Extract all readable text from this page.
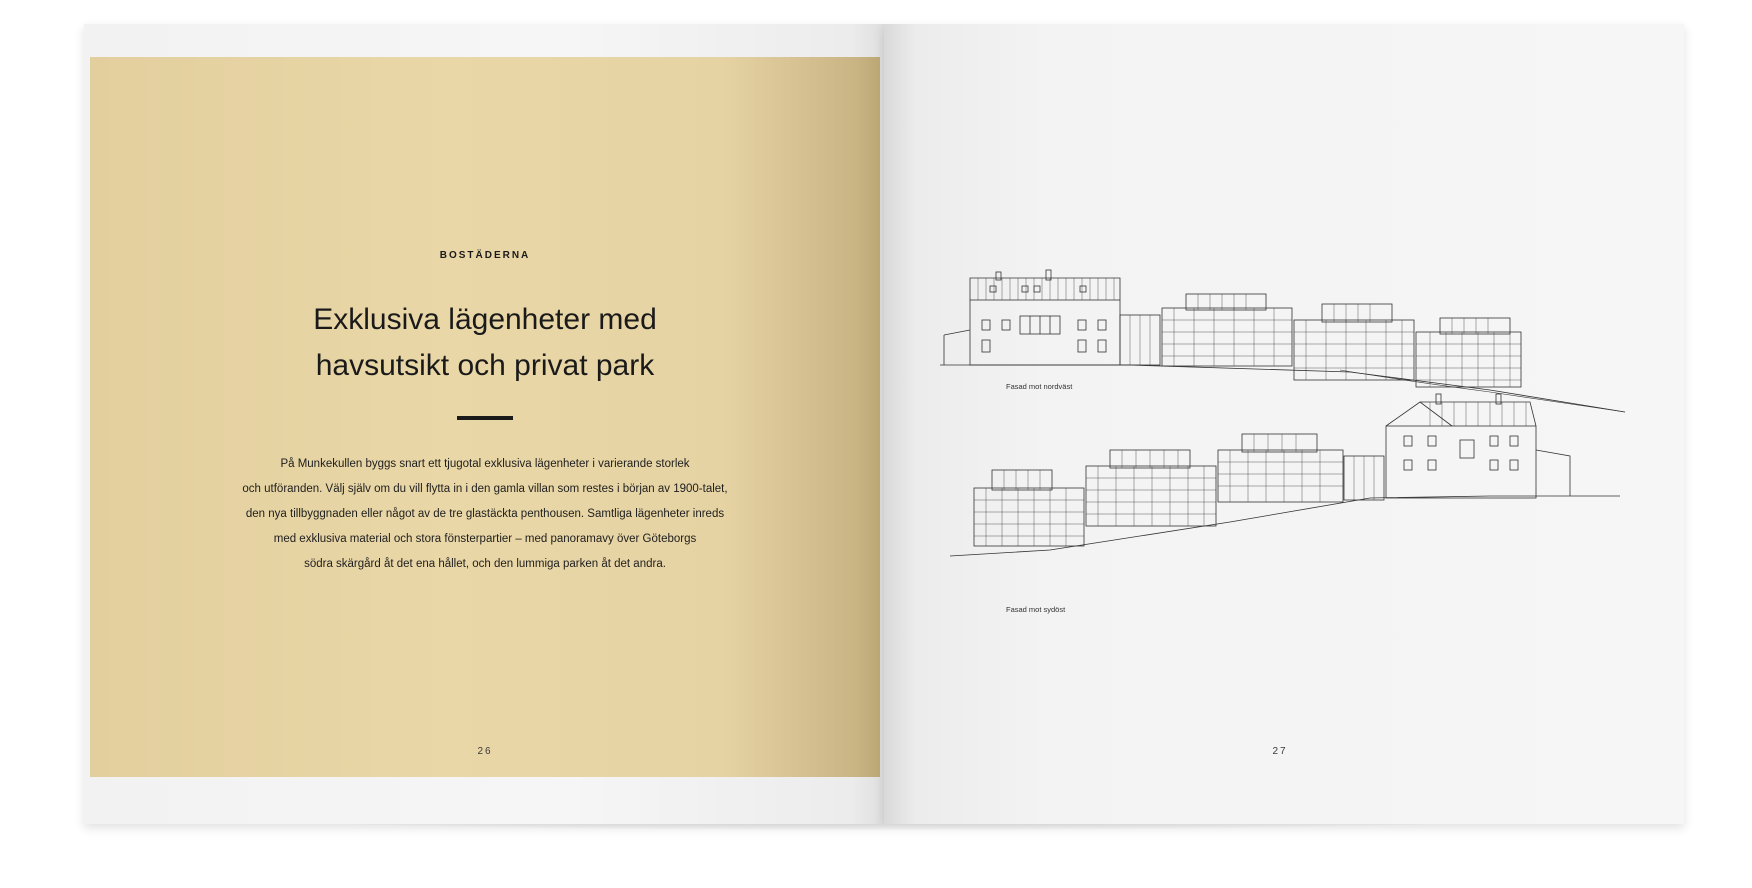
BOSTÄDERNA
Exklusiva lägenheter med
havsutsikt och privat park
På Munkekullen byggs snart ett tjugotal exklusiva lägenheter i varierande storlek
och utföranden. Välj själv om du vill flytta in i den gamla villan som restes i början av 1900-talet,
den nya tillbyggnaden eller något av de tre glastäckta penthousen. Samtliga lägenheter inreds
med exklusiva material och stora fönsterpartier – med panoramavy över Göteborgs
södra skärgård åt det ena hållet, och den lummiga parken åt det andra.
26
Fasad mot nordväst
Fasad mot sydöst
27
